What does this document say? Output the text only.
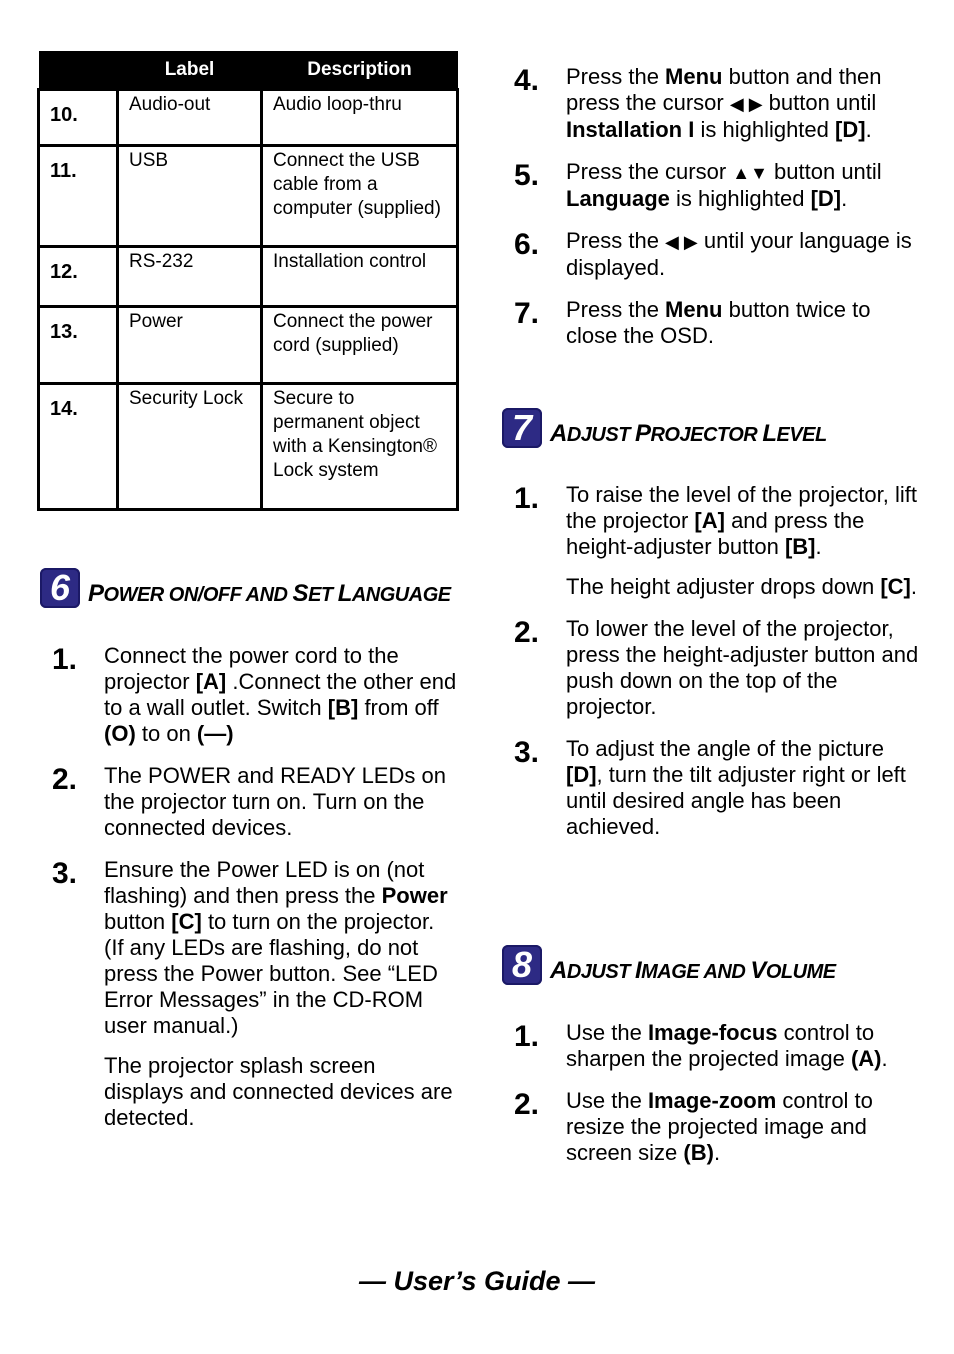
	Label	Description
10.	Audio-out	Audio loop-thru
11.	USB	Connect the USB cable from a computer (supplied)
12.	RS-232	Installation control
13.	Power	Connect the power cord (supplied)
14.	Security Lock	Secure to permanent object with a Kensington® Lock system
6 POWER ON/OFF AND SET LANGUAGE
1.	Connect the power cord to the projector [A] .Connect the other end to a wall outlet. Switch [B] from off (O) to on (—)

2.	The POWER and READY LEDs on the projector turn on. Turn on the connected devices.

3.	Ensure the Power LED is on (not flashing) and then press the Power button [C] to turn on the projector.
(If any LEDs are flashing, do not press the Power button. See “LED Error Messages” in the CD-ROM user manual.)

The projector splash screen displays and connected devices are detected.

4.	Press the Menu button and then press the cursor ◀ ▶ button until Installation I is highlighted [D].

5.	Press the cursor ▲▼ button until Language is highlighted [D].

6.	Press the ◀ ▶ until your language is displayed.

7.	Press the Menu button twice to close the OSD.

7 ADJUST PROJECTOR LEVEL
1.	To raise the level of the projector, lift the projector [A] and press the height-adjuster button [B].

The height adjuster drops down [C].

2.	To lower the level of the projector, press the height-adjuster button and push down on the top of the projector.

3.	To adjust the angle of the picture [D], turn the tilt adjuster right or left until desired angle has been achieved.

8 ADJUST IMAGE AND VOLUME
1.	Use the Image-focus control to sharpen the projected image (A).

2.	Use the Image-zoom control to resize the projected image and screen size (B).

— User’s Guide —
